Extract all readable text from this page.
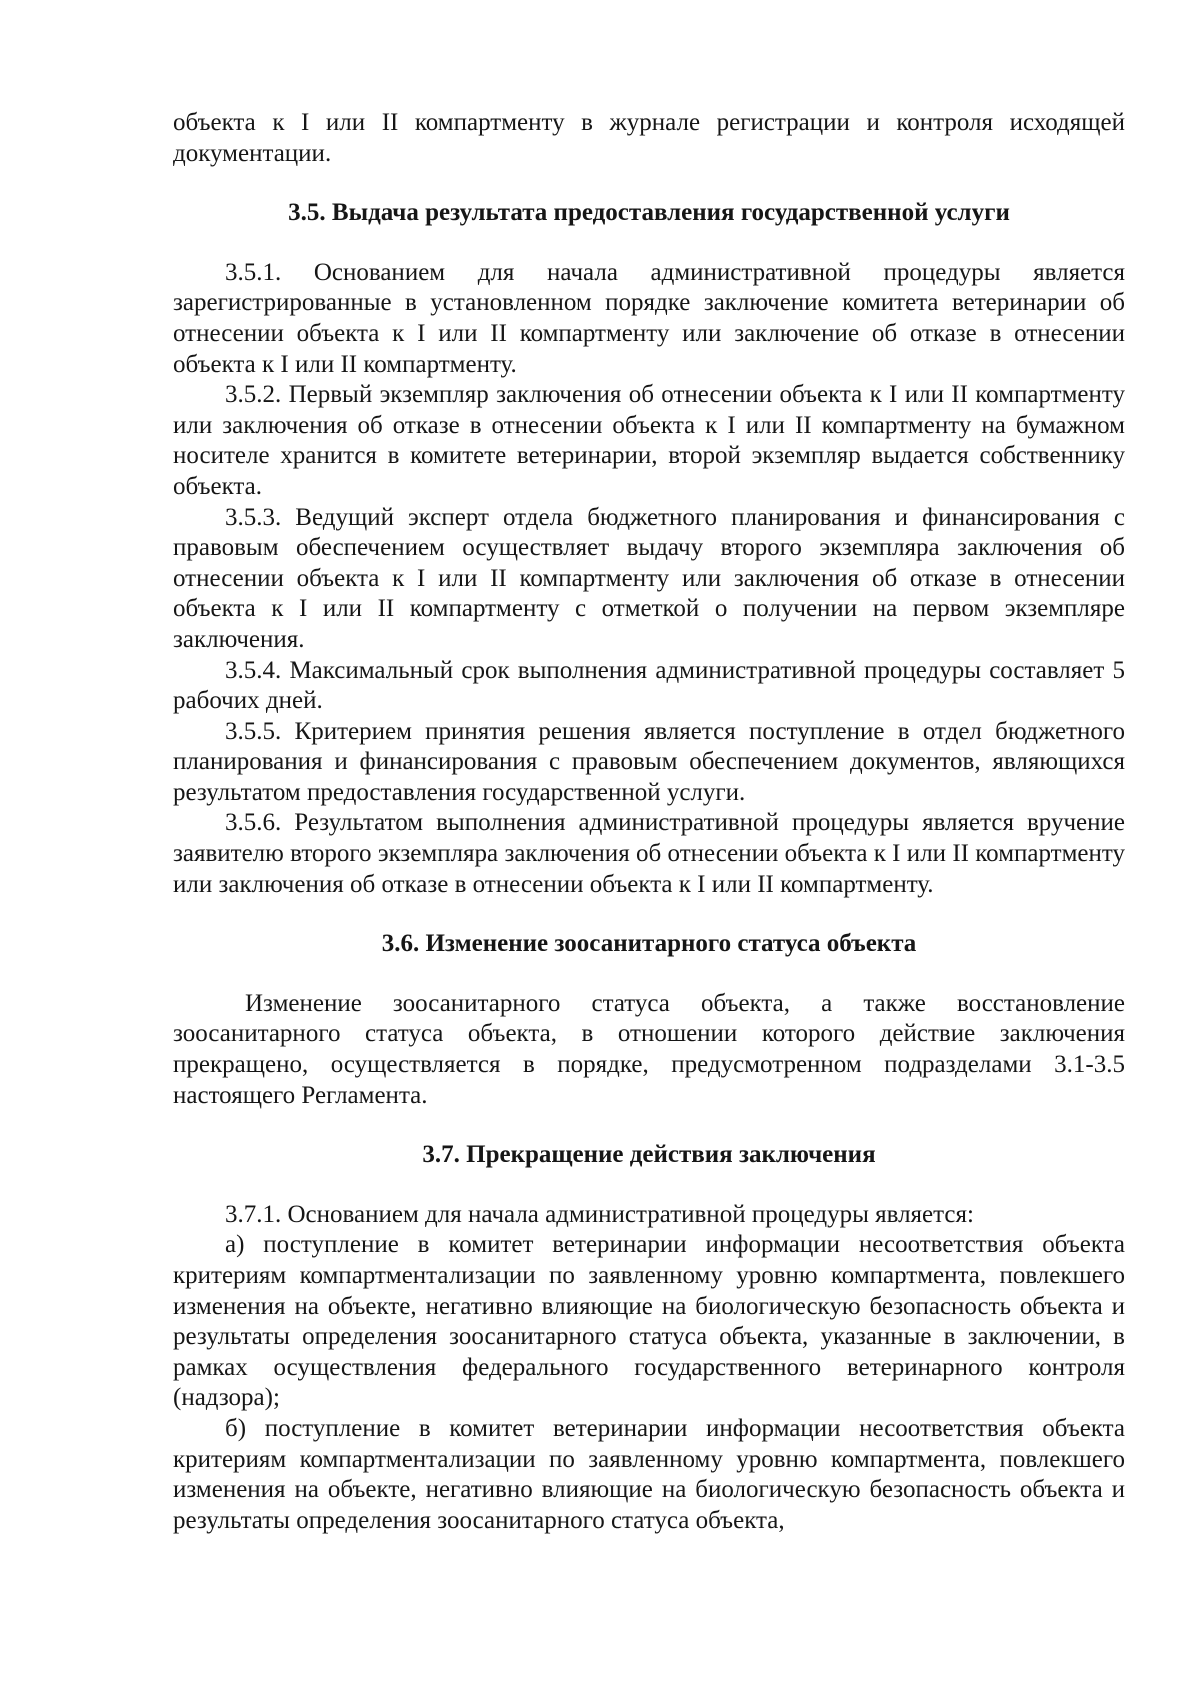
объекта к I или II компартменту в журнале регистрации и контроля исходящей документации.

3.5. Выдача результата предоставления государственной услуги

3.5.1. Основанием для начала административной процедуры является зарегистрированные в установленном порядке заключение комитета ветеринарии об отнесении объекта к I или II компартменту или заключение об отказе в отнесении объекта к I или II компартменту.

3.5.2. Первый экземпляр заключения об отнесении объекта к I или II компартменту или заключения об отказе в отнесении объекта к I или II компартменту на бумажном носителе хранится в комитете ветеринарии, второй экземпляр выдается собственнику объекта.

3.5.3. Ведущий эксперт отдела бюджетного планирования и финансирования с правовым обеспечением осуществляет выдачу второго экземпляра заключения об отнесении объекта к I или II компартменту или заключения об отказе в отнесении объекта к I или II компартменту с отметкой о получении на первом экземпляре заключения.

3.5.4. Максимальный срок выполнения административной процедуры составляет 5 рабочих дней.

3.5.5. Критерием принятия решения является поступление в отдел бюджетного планирования и финансирования с правовым обеспечением документов, являющихся результатом предоставления государственной услуги.

3.5.6. Результатом выполнения административной процедуры является вручение заявителю второго экземпляра заключения об отнесении объекта к I или II компартменту или заключения об отказе в отнесении объекта к I или II компартменту.

3.6. Изменение зоосанитарного статуса объекта

Изменение зоосанитарного статуса объекта, а также восстановление зоосанитарного статуса объекта, в отношении которого действие заключения прекращено, осуществляется в порядке, предусмотренном подразделами 3.1-3.5 настоящего Регламента.

3.7. Прекращение действия заключения

3.7.1. Основанием для начала административной процедуры является:

а) поступление в комитет ветеринарии информации несоответствия объекта критериям компартментализации по заявленному уровню компартмента, повлекшего изменения на объекте, негативно влияющие на биологическую безопасность объекта и результаты определения зоосанитарного статуса объекта, указанные в заключении, в рамках осуществления федерального государственного ветеринарного контроля (надзора);

б) поступление в комитет ветеринарии информации несоответствия объекта критериям компартментализации по заявленному уровню компартмента, повлекшего изменения на объекте, негативно влияющие на биологическую безопасность объекта и результаты определения зоосанитарного статуса объекта,
